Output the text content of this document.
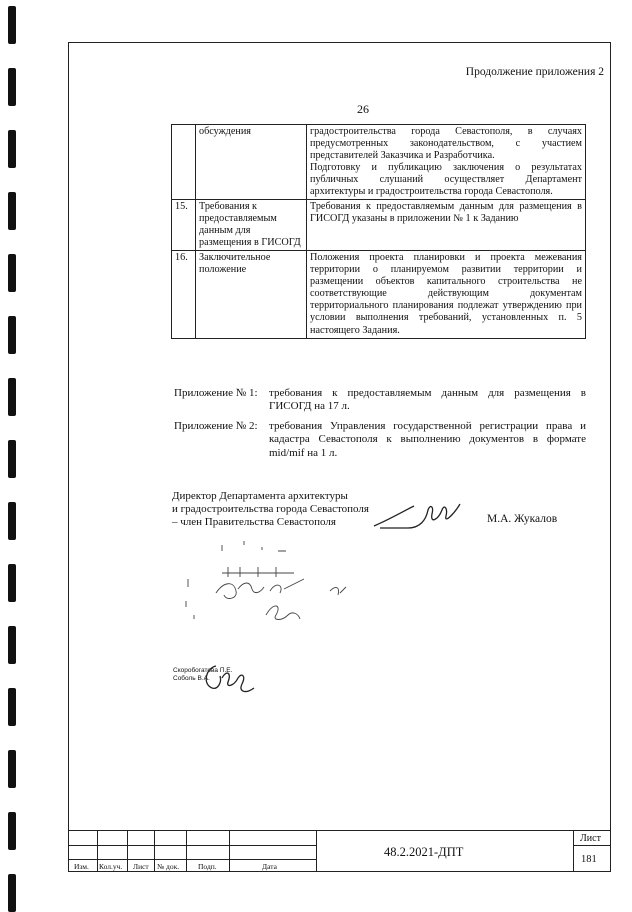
Продолжение приложения 2
26
	обсуждения	градостроительства города Севастополя, в случаях предусмотренных законодательством, с участием представителей Заказчика и Разработчика.

Подготовку и публикацию заключения о результатах публичных слушаний осуществляет Департамент архитектуры и градостроительства города Севастополя.

15.	Требования к предоставляемым данным для размещения в ГИСОГД	Требования к предоставляемым данным для размещения в ГИСОГД указаны в приложении № 1 к Заданию

16.	Заключительное положение	Положения проекта планировки и проекта межевания территории о планируемом развитии территории и размещении объектов капитального строительства не соответствующие действующим документам территориального планирования подлежат утверждению при условии выполнения требований, установленных п. 5 настоящего Задания.

Приложение № 1:	требования к предоставляемым данным для размещения в ГИСОГД на 17 л.
Приложение № 2:	требования Управления государственной регистрации права и кадастра Севастополя к выполнению документов в формате mid/mif на 1 л.
Директор Департамента архитектуры
и градостроительства города Севастополя
– член Правительства Севастополя	М.А. Жукалов
Скоробогатова П.Е.
Соболь В.А.
Изм. Кол.уч. Лист № док.	Подп.	Дата
48.2.2021-ДПТ
Лист
181
